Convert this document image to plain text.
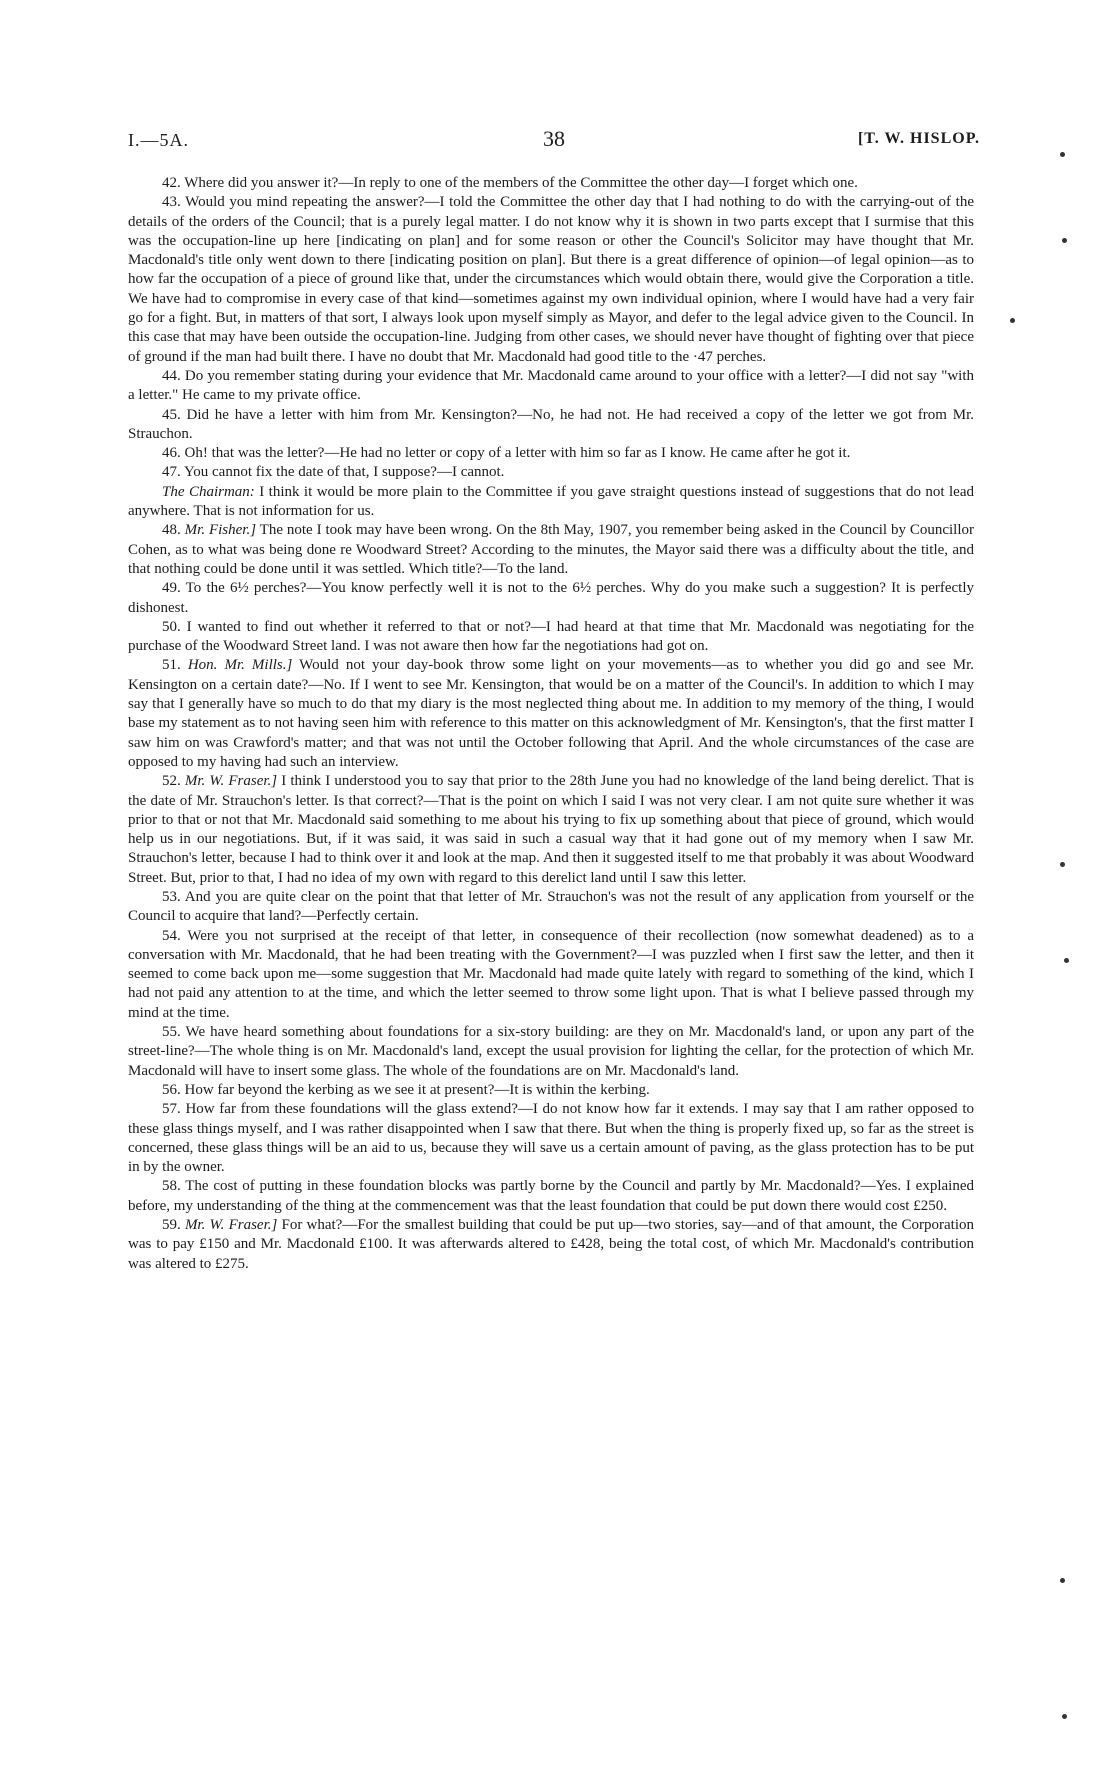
I.—5A.	38	[T. W. HISLOP.

42. Where did you answer it?—In reply to one of the members of the Committee the other day—I forget which one.

43. Would you mind repeating the answer?—I told the Committee the other day that I had nothing to do with the carrying-out of the details of the orders of the Council; that is a purely legal matter. I do not know why it is shown in two parts except that I surmise that this was the occupation-line up here [indicating on plan] and for some reason or other the Council's Solicitor may have thought that Mr. Macdonald's title only went down to there [indicating position on plan]. But there is a great difference of opinion—of legal opinion—as to how far the occupation of a piece of ground like that, under the circumstances which would obtain there, would give the Corporation a title. We have had to compromise in every case of that kind—sometimes against my own individual opinion, where I would have had a very fair go for a fight. But, in matters of that sort, I always look upon myself simply as Mayor, and defer to the legal advice given to the Council. In this case that may have been outside the occupation-line. Judging from other cases, we should never have thought of fighting over that piece of ground if the man had built there. I have no doubt that Mr. Macdonald had good title to the ·47 perches.

44. Do you remember stating during your evidence that Mr. Macdonald came around to your office with a letter?—I did not say "with a letter." He came to my private office.

45. Did he have a letter with him from Mr. Kensington?—No, he had not. He had received a copy of the letter we got from Mr. Strauchon.

46. Oh! that was the letter?—He had no letter or copy of a letter with him so far as I know. He came after he got it.

47. You cannot fix the date of that, I suppose?—I cannot.

The Chairman: I think it would be more plain to the Committee if you gave straight questions instead of suggestions that do not lead anywhere. That is not information for us.

48. Mr. Fisher.] The note I took may have been wrong. On the 8th May, 1907, you remember being asked in the Council by Councillor Cohen, as to what was being done re Woodward Street? According to the minutes, the Mayor said there was a difficulty about the title, and that nothing could be done until it was settled. Which title?—To the land.

49. To the 6½ perches?—You know perfectly well it is not to the 6½ perches. Why do you make such a suggestion? It is perfectly dishonest.

50. I wanted to find out whether it referred to that or not?—I had heard at that time that Mr. Macdonald was negotiating for the purchase of the Woodward Street land. I was not aware then how far the negotiations had got on.

51. Hon. Mr. Mills.] Would not your day-book throw some light on your movements—as to whether you did go and see Mr. Kensington on a certain date?—No. If I went to see Mr. Kensington, that would be on a matter of the Council's. In addition to which I may say that I generally have so much to do that my diary is the most neglected thing about me. In addition to my memory of the thing, I would base my statement as to not having seen him with reference to this matter on this acknowledgment of Mr. Kensington's, that the first matter I saw him on was Crawford's matter; and that was not until the October following that April. And the whole circumstances of the case are opposed to my having had such an interview.

52. Mr. W. Fraser.] I think I understood you to say that prior to the 28th June you had no knowledge of the land being derelict. That is the date of Mr. Strauchon's letter. Is that correct?—That is the point on which I said I was not very clear. I am not quite sure whether it was prior to that or not that Mr. Macdonald said something to me about his trying to fix up something about that piece of ground, which would help us in our negotiations. But, if it was said, it was said in such a casual way that it had gone out of my memory when I saw Mr. Strauchon's letter, because I had to think over it and look at the map. And then it suggested itself to me that probably it was about Woodward Street. But, prior to that, I had no idea of my own with regard to this derelict land until I saw this letter.

53. And you are quite clear on the point that that letter of Mr. Strauchon's was not the result of any application from yourself or the Council to acquire that land?—Perfectly certain.

54. Were you not surprised at the receipt of that letter, in consequence of their recollection (now somewhat deadened) as to a conversation with Mr. Macdonald, that he had been treating with the Government?—I was puzzled when I first saw the letter, and then it seemed to come back upon me—some suggestion that Mr. Macdonald had made quite lately with regard to something of the kind, which I had not paid any attention to at the time, and which the letter seemed to throw some light upon. That is what I believe passed through my mind at the time.

55. We have heard something about foundations for a six-story building: are they on Mr. Macdonald's land, or upon any part of the street-line?—The whole thing is on Mr. Macdonald's land, except the usual provision for lighting the cellar, for the protection of which Mr. Macdonald will have to insert some glass. The whole of the foundations are on Mr. Macdonald's land.

56. How far beyond the kerbing as we see it at present?—It is within the kerbing.

57. How far from these foundations will the glass extend?—I do not know how far it extends. I may say that I am rather opposed to these glass things myself, and I was rather disappointed when I saw that there. But when the thing is properly fixed up, so far as the street is concerned, these glass things will be an aid to us, because they will save us a certain amount of paving, as the glass protection has to be put in by the owner.

58. The cost of putting in these foundation blocks was partly borne by the Council and partly by Mr. Macdonald?—Yes. I explained before, my understanding of the thing at the commencement was that the least foundation that could be put down there would cost £250.

59. Mr. W. Fraser.] For what?—For the smallest building that could be put up—two stories, say—and of that amount, the Corporation was to pay £150 and Mr. Macdonald £100. It was afterwards altered to £428, being the total cost, of which Mr. Macdonald's contribution was altered to £275.
